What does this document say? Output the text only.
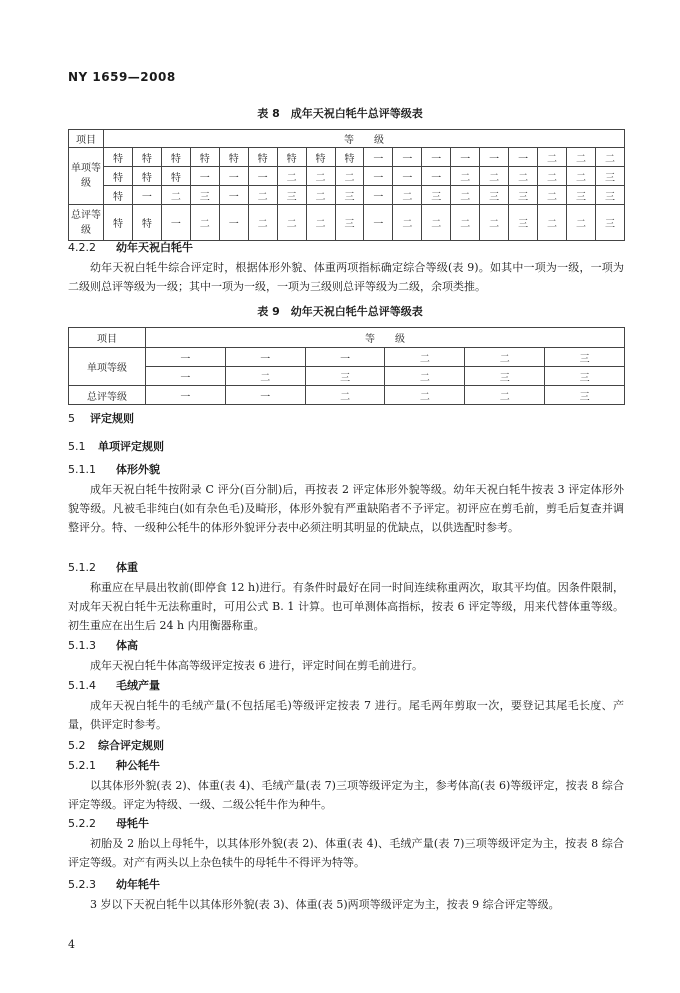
NY 1659—2008
表 8　成年天祝白牦牛总评等级表
项目	等　　级																	
单项等级	特	特	特	特	特	特	特	特	特	一	一	一	一	一	一	二	二	二
	特	特	特	一	一	一	二	二	二	一	一	一	二	二	二	二	二	三
	特	一	二	三	一	二	三	二	三	一	二	三	二	三	三	二	三	三
总评等级	特	特	一	二	一	二	二	二	三	一	二	二	二	二	三	二	二	三
4.2.2 幼年天祝白牦牛
幼年天祝白牦牛综合评定时，根据体形外貌、体重两项指标确定综合等级(表 9)。如其中一项为一级，一项为二级则总评等级为一级；其中一项为一级，一项为三级则总评等级为二级，余项类推。
表 9　幼年天祝白牦牛总评等级表
项目	等　　级					
单项等级	一	一	一	二	二	三
	一	二	三	二	三	三
总评等级	一	一	二	二	二	三
5 评定规则
5.1 单项评定规则
5.1.1 体形外貌
成年天祝白牦牛按附录 C 评分(百分制)后，再按表 2 评定体形外貌等级。幼年天祝白牦牛按表 3 评定体形外貌等级。凡被毛非纯白(如有杂色毛)及畸形，体形外貌有严重缺陷者不予评定。初评应在剪毛前，剪毛后复查并调整评分。特、一级种公牦牛的体形外貌评分表中必须注明其明显的优缺点，以供选配时参考。
5.1.2 体重
称重应在早晨出牧前(即停食 12 h)进行。有条件时最好在同一时间连续称重两次，取其平均值。因条件限制，对成年天祝白牦牛无法称重时，可用公式 B. 1 计算。也可单测体高指标，按表 6 评定等级，用来代替体重等级。初生重应在出生后 24 h 内用衡器称重。
5.1.3 体高
成年天祝白牦牛体高等级评定按表 6 进行，评定时间在剪毛前进行。
5.1.4 毛绒产量
成年天祝白牦牛的毛绒产量(不包括尾毛)等级评定按表 7 进行。尾毛两年剪取一次，要登记其尾毛长度、产量，供评定时参考。
5.2 综合评定规则
5.2.1 种公牦牛
以其体形外貌(表 2)、体重(表 4)、毛绒产量(表 7)三项等级评定为主，参考体高(表 6)等级评定，按表 8 综合评定等级。评定为特级、一级、二级公牦牛作为种牛。
5.2.2 母牦牛
初胎及 2 胎以上母牦牛，以其体形外貌(表 2)、体重(表 4)、毛绒产量(表 7)三项等级评定为主，按表 8 综合评定等级。对产有两头以上杂色犊牛的母牦牛不得评为特等。
5.2.3 幼年牦牛
3 岁以下天祝白牦牛以其体形外貌(表 3)、体重(表 5)两项等级评定为主，按表 9 综合评定等级。
4
